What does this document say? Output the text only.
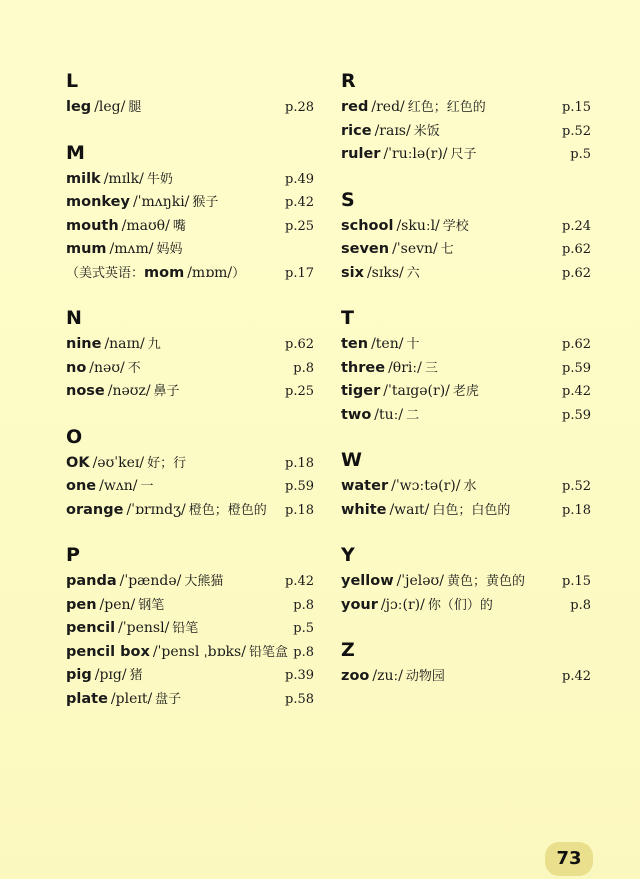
L
leg /leg/ 腿	p.28
M
milk /mɪlk/ 牛奶	p.49
monkey /ˈmʌŋki/ 猴子	p.42
mouth /maʊθ/ 嘴	p.25
mum /mʌm/ 妈妈
（美式英语：mom /mɒm/）	p.17
N
nine /naɪn/ 九	p.62
no /nəʊ/ 不	p.8
nose /nəʊz/ 鼻子	p.25
O
OK /əʊˈkeɪ/ 好；行	p.18
one /wʌn/ 一	p.59
orange /ˈɒrɪndʒ/ 橙色；橙色的 p.18
P
panda /ˈpændə/ 大熊猫	p.42
pen /pen/ 钢笔	p.8
pencil /ˈpensl/ 铅笔	p.5
pencil box /ˈpensl ˌbɒks/ 铅笔盒 p.8
pig /pɪg/ 猪	p.39
plate /pleɪt/ 盘子	p.58
R
red /red/ 红色；红色的	p.15
rice /raɪs/ 米饭	p.52
ruler /ˈruːlə(r)/ 尺子	p.5
S
school /skuːl/ 学校	p.24
seven /ˈsevn/ 七	p.62
six /sɪks/ 六	p.62
T
ten /ten/ 十	p.62
three /θriː/ 三	p.59
tiger /ˈtaɪgə(r)/ 老虎	p.42
two /tuː/ 二	p.59
W
water /ˈwɔːtə(r)/ 水	p.52
white /waɪt/ 白色；白色的	p.18
Y
yellow /ˈjeləʊ/ 黄色；黄色的	p.15
your /jɔː(r)/ 你（们）的	p.8
Z
zoo /zuː/ 动物园	p.42
73
